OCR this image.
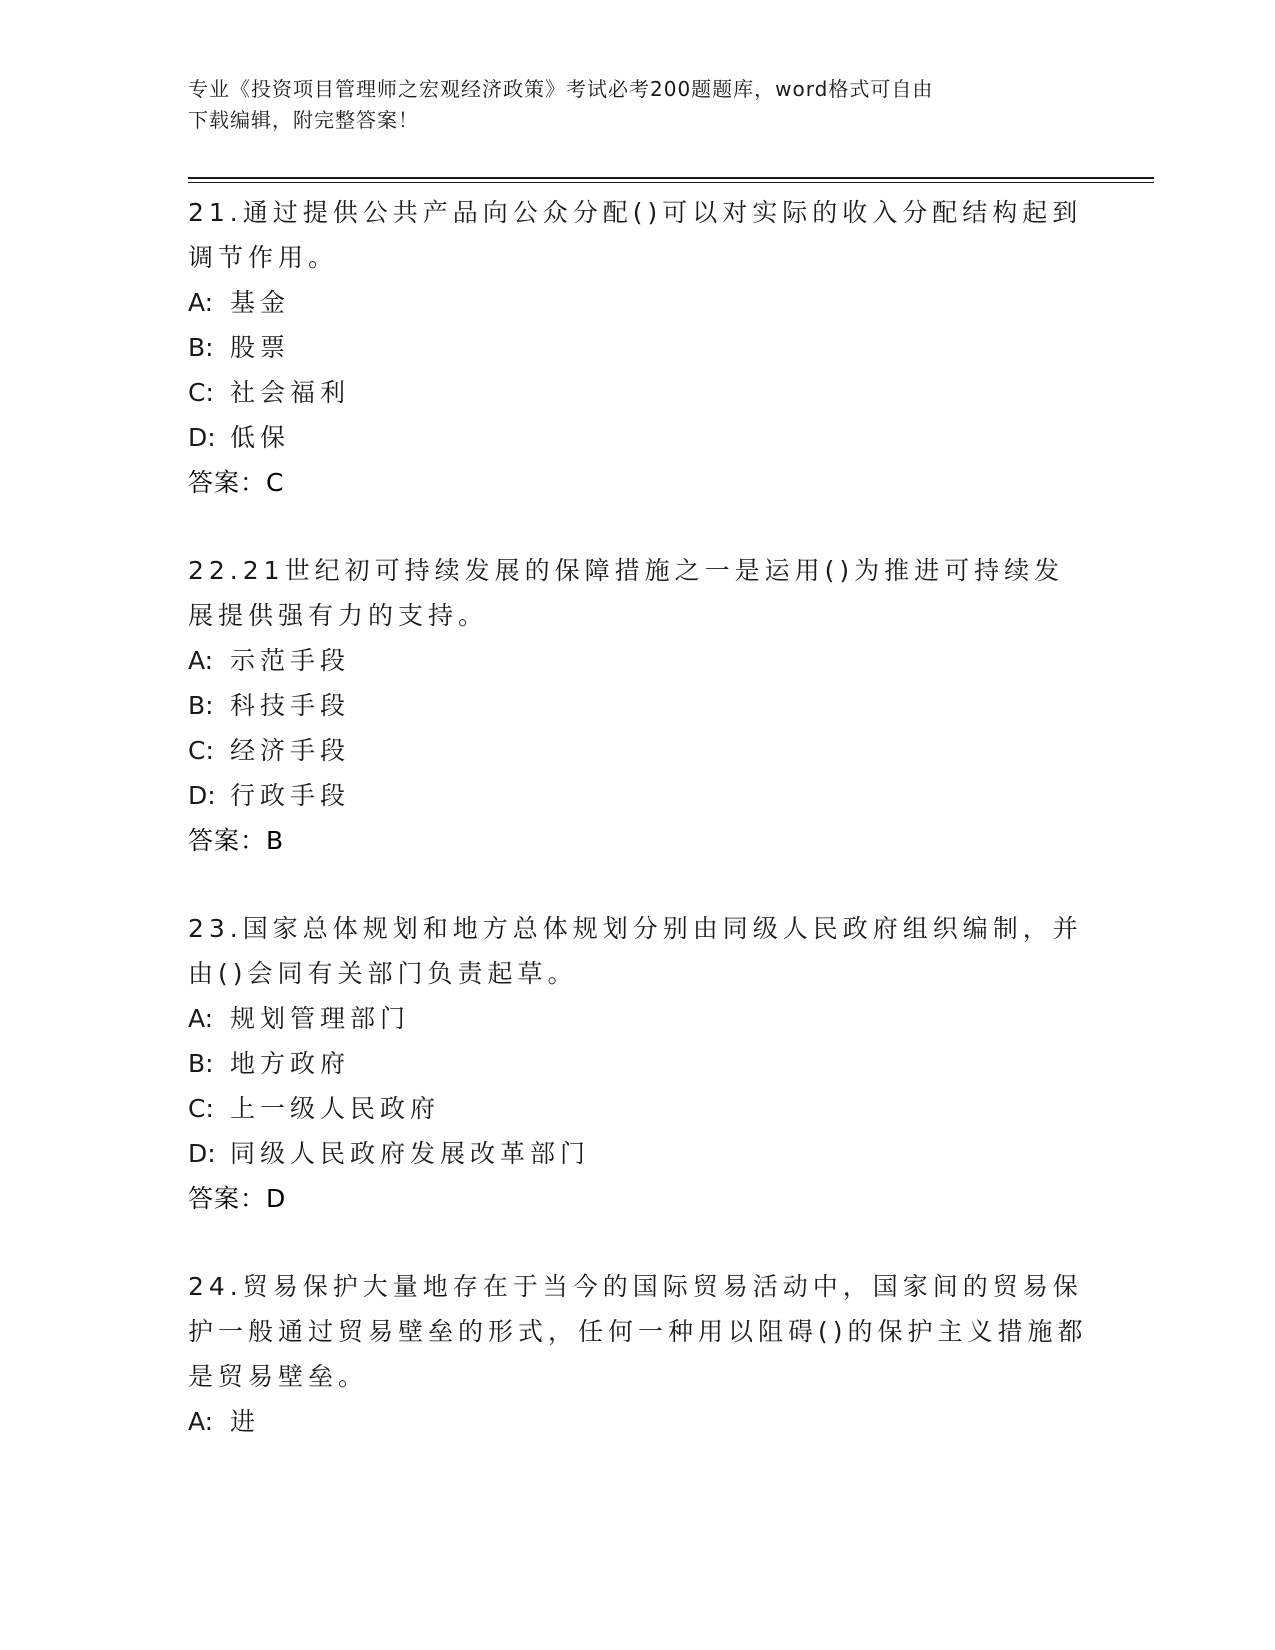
专业《投资项目管理师之宏观经济政策》考试必考200题题库，word格式可自由
下载编辑，附完整答案！

21.通过提供公共产品向公众分配()可以对实际的收入分配结构起到调节作用。

A: 基金

B: 股票

C: 社会福利

D: 低保

答案：C

22.21世纪初可持续发展的保障措施之一是运用()为推进可持续发展提供强有力的支持。

A: 示范手段

B: 科技手段

C: 经济手段

D: 行政手段

答案：B

23.国家总体规划和地方总体规划分别由同级人民政府组织编制，并由()会同有关部门负责起草。

A: 规划管理部门

B: 地方政府

C: 上一级人民政府

D: 同级人民政府发展改革部门

答案：D

24.贸易保护大量地存在于当今的国际贸易活动中，国家间的贸易保护一般通过贸易壁垒的形式，任何一种用以阻碍()的保护主义措施都是贸易壁垒。

A: 进
